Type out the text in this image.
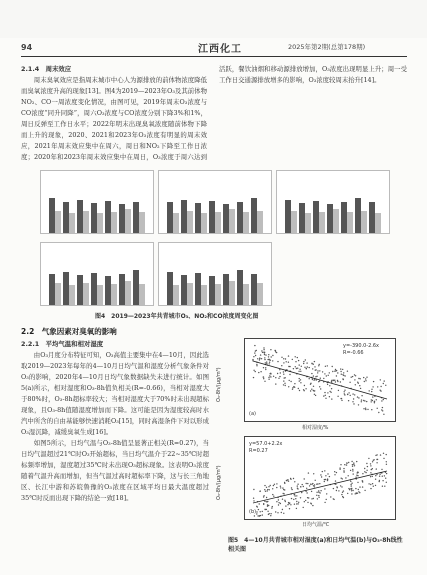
94	江西化工	2025年第2期(总第178期)

2.1.4　周末效应

周末臭氧效应是指周末城市中心人为源排放的前体物浓度降低而臭氧浓度升高的现象[13]。图4为2019—2023年O₃及其前体物NO₂、CO一周浓度变化情况，由图可见，2019年周末O₃浓度与CO浓度“同升同降”，周六O₃浓度与CO浓度分别下降3%和1%，周日反弹至工作日水平；2022年明末出现臭氧浓度随前体物下降而上升的现象，2020、2021和2023年O₃浓度有明显的周末效应，2021年周末效应集中在周六，周日和NO₂下降至工作日浓度；2020年和2023年周末效应集中在周日，O₃浓度于周六达到

活跃，餐饮油烟和移动源排放增加，O₃浓度出现明显上升；周一受工作日交通源排放增多的影响，O₃浓度较周末抬升[14]。

图4　2019—2023年共青城市O₃、NO₂和CO浓度周变化图
2.2　气象因素对臭氧的影响

2.2.1　平均气温和相对湿度

由O₃月度分布特征可知，O₃高值主要集中在4—10月，因此选取2019—2023年每年的4—10月日均气温和湿度分析气象条件对O₃的影响，2020年4—10月日均气象数据缺失未进行统计。如图5(a)所示，相对湿度和O₃-8h值负相关(R=-0.66)，当相对湿度大于80%时，O₃-8h超标率较大；当相对湿度大于70%时未出现超标现象，且O₃-8h值随湿度增加而下降。这可能是因为湿度较高时水汽中所含的自由基能够快速消耗O₃[15]，同时高湿条件下对以形成O₃湿沉降，减缓臭氧生成[16]。

如图5所示，日均气温与O₃-8h值呈显著正相关(R=0.27)，当日均气温超过21℃时O₃开始超标，当日均气温介于22~35℃时超标频率增加，湿度超过35℃时未出现O₃超标现象。这表明O₃浓度随着气温升高而增加，但当气温过高时超标率下降，这与长三角地区、长江中游和苏皖鲁豫的O₃浓度在区域平均日最大温度超过35℃时反而出现下降的结论一致[18]。

y=-390.0-2.6x
R=-0.66
(a)
O₃-8h/(μg/m³)
相对湿度/%
y=57.0+2.2x
R=0.27
(b)
O₃-8h/(μg/m³)
日均气温/℃
图5　4—10月共青城市相对湿度(a)和日均气温(b)与O₃-8h线性相关图
